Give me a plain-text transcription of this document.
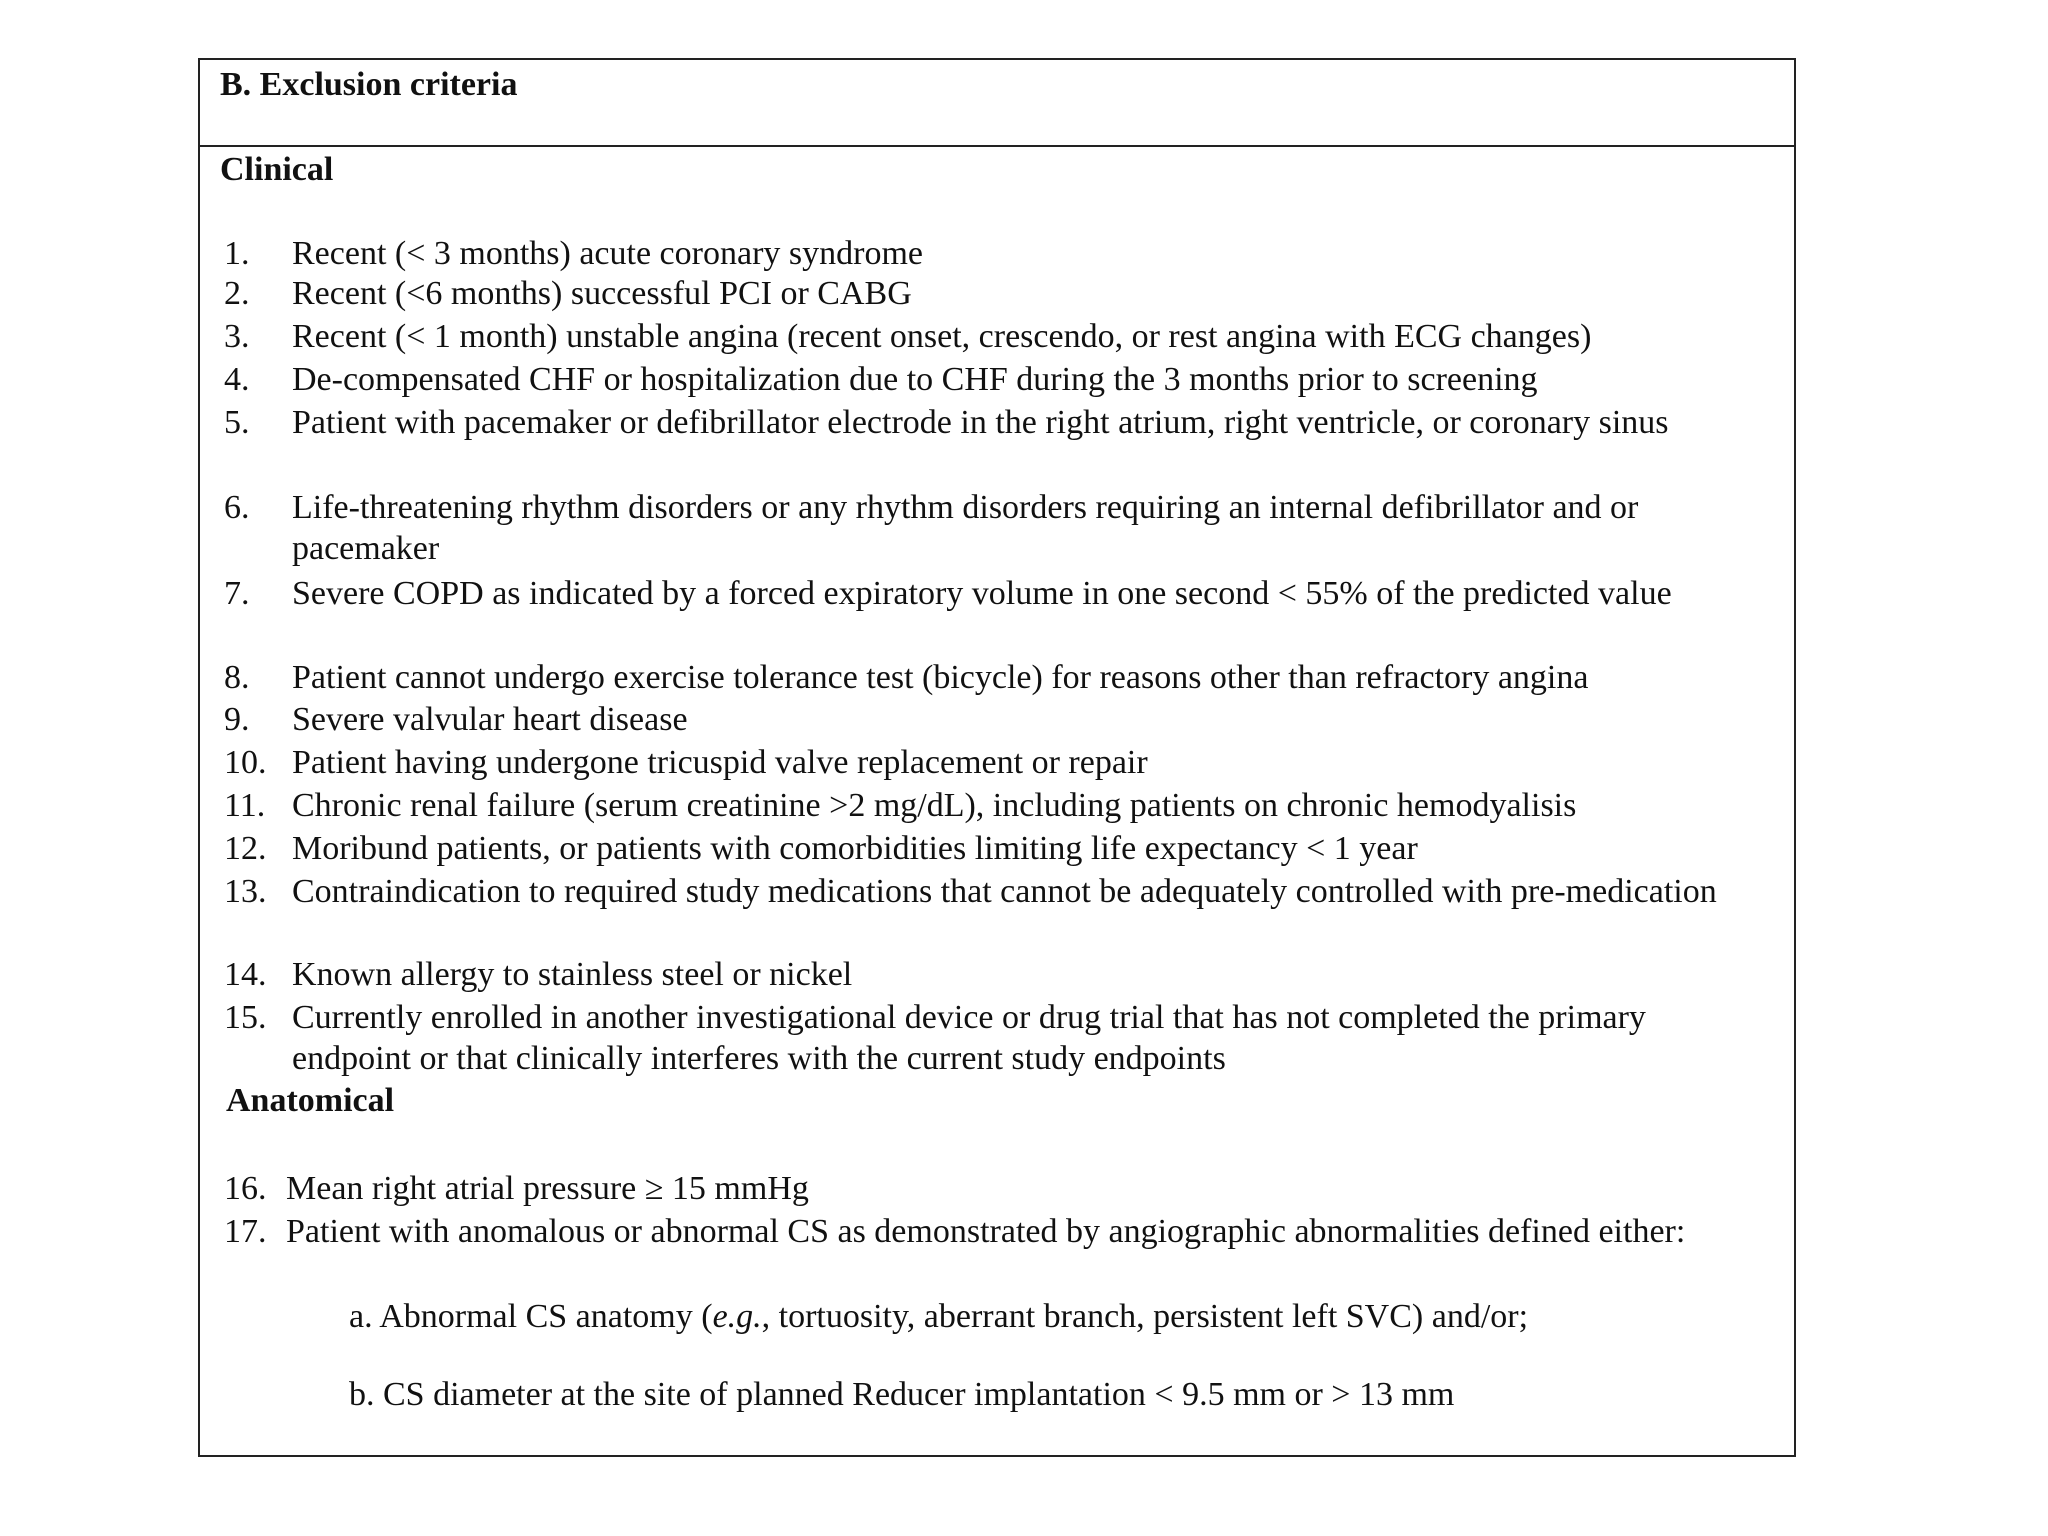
B. Exclusion criteria
Clinical
1. Recent (< 3 months) acute coronary syndrome
2. Recent (<6 months) successful PCI or CABG
3. Recent (< 1 month) unstable angina (recent onset, crescendo, or rest angina with ECG changes)
4. De-compensated CHF or hospitalization due to CHF during the 3 months prior to screening
5. Patient with pacemaker or defibrillator electrode in the right atrium, right ventricle, or coronary sinus
6. Life-threatening rhythm disorders or any rhythm disorders requiring an internal defibrillator and or pacemaker
7. Severe COPD as indicated by a forced expiratory volume in one second < 55% of the predicted value
8. Patient cannot undergo exercise tolerance test (bicycle) for reasons other than refractory angina
9. Severe valvular heart disease
10. Patient having undergone tricuspid valve replacement or repair
11. Chronic renal failure (serum creatinine >2 mg/dL), including patients on chronic hemodyalisis
12. Moribund patients, or patients with comorbidities limiting life expectancy < 1 year
13. Contraindication to required study medications that cannot be adequately controlled with pre-medication
14. Known allergy to stainless steel or nickel
15. Currently enrolled in another investigational device or drug trial that has not completed the primary endpoint or that clinically interferes with the current study endpoints
Anatomical
16. Mean right atrial pressure ≥ 15 mmHg
17. Patient with anomalous or abnormal CS as demonstrated by angiographic abnormalities defined either:
a. Abnormal CS anatomy (e.g., tortuosity, aberrant branch, persistent left SVC) and/or;
b. CS diameter at the site of planned Reducer implantation < 9.5 mm or > 13 mm
